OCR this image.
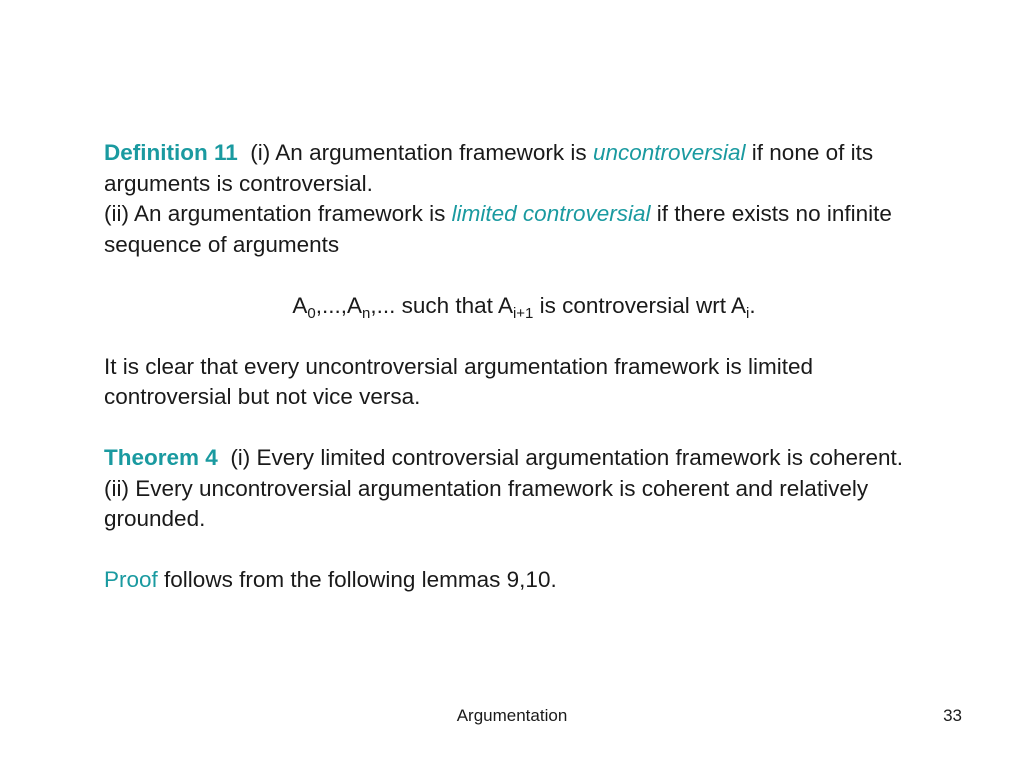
Definition 11 (i) An argumentation framework is uncontroversial if none of its arguments is controversial.

(ii) An argumentation framework is limited controversial if there exists no infinite sequence of arguments

$A_0,...,A_n$,... such that $A_{i+1}$ is controversial wrt $A_i$.

It is clear that every uncontroversial argumentation framework is limited controversial but not vice versa.

Theorem 4 (i) Every limited controversial argumentation framework is coherent.

(ii) Every uncontroversial argumentation framework is coherent and relatively grounded.

Proof follows from the following lemmas 9,10.

Argumentation	33
